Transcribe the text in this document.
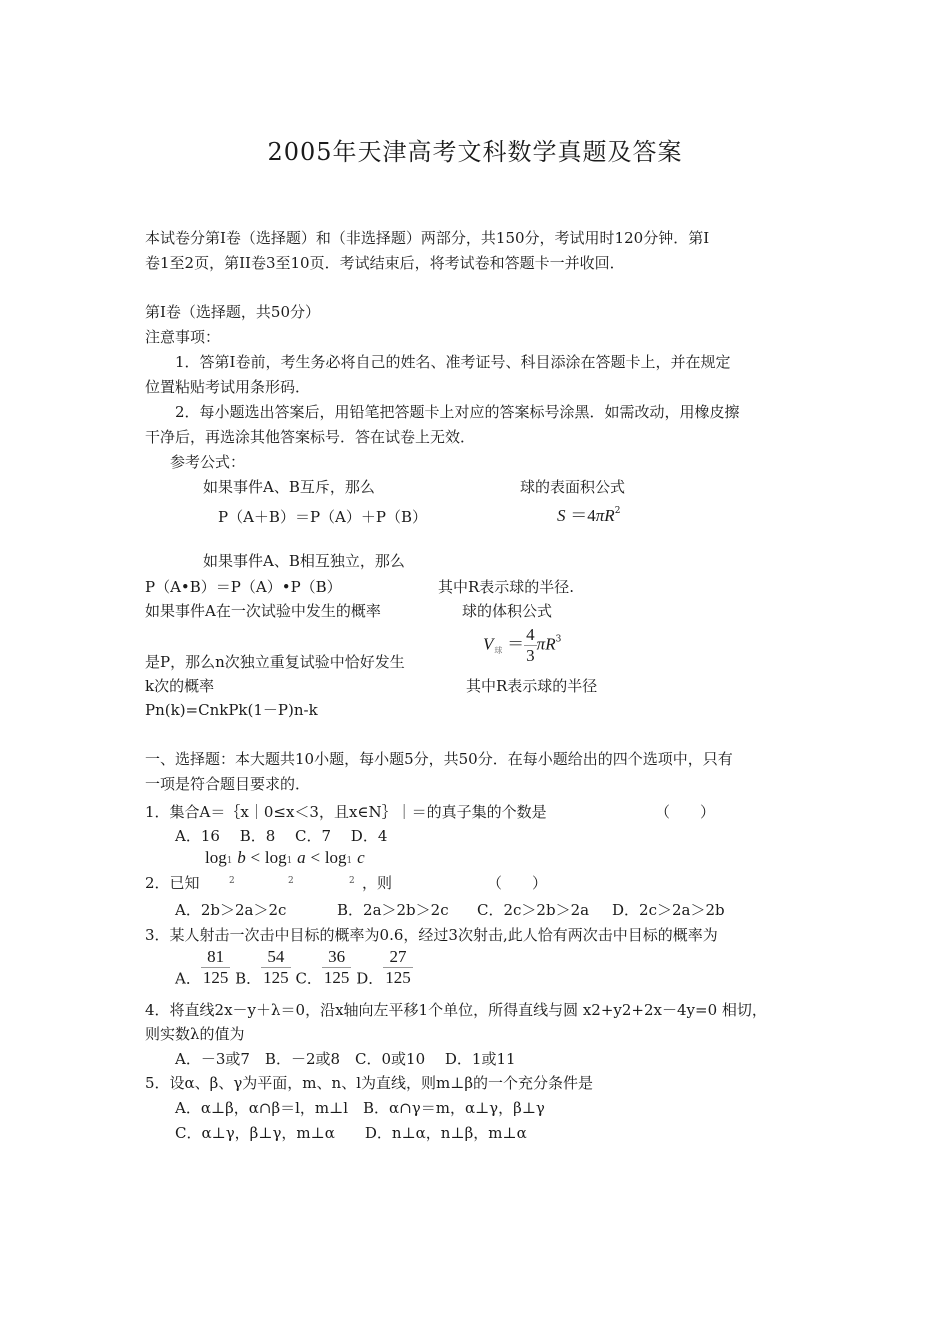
2005年天津高考文科数学真题及答案
本试卷分第Ⅰ卷（选择题）和（非选择题）两部分，共150分，考试用时120分钟．第Ⅰ
卷1至2页，第II卷3至10页．考试结束后，将考试卷和答题卡一并收回．
第Ⅰ卷（选择题，共50分）
注意事项：
1．答第Ⅰ卷前，考生务必将自己的姓名、准考证号、科目添涂在答题卡上，并在规定
位置粘贴考试用条形码．
2．每小题选出答案后，用铅笔把答题卡上对应的答案标号涂黑．如需改动，用橡皮擦
干净后，再选涂其他答案标号．答在试卷上无效．
参考公式：
如果事件A、B互斥，那么
P（A＋B）＝P（A）＋P（B）
球的表面积公式
$S =4\pi R^2$
如果事件A、B相互独立，那么
P（A•B）＝P（A）•P（B）	其中R表示球的半径.
如果事件A在一次试验中发生的概率	球的体积公式
$V_球 = \frac{4}{3} \pi R^3$
是P，那么n次独立重复试验中恰好发生
k次的概率	其中R表示球的半径
Pn(k)=CnkPk(1－P)n-k
一、选择题：本大题共10小题，每小题5分，共50分．在每小题给出的四个选项中，只有
一项是符合题目要求的．
1．集合A＝｛x｜0≤x＜3，且x∈N｝｜＝的真子集的个数是	（　　）
A．16　 B．8　 C．7　 D．4
log1 b < log1 a < log1 c
2．已知	2	2	2 ，则	（　　）
A．2b＞2a＞2c	B．2a＞2b＞2c C．2c＞2b＞2a D．2c＞2a＞2b
3．某人射击一次击中目标的概率为0.6，经过3次射击,此人恰有两次击中目标的概率为
A． $\frac{81}{125}$ B． $\frac{54}{125}$ C． $\frac{36}{125}$ D． $\frac{27}{125}$
4．将直线2x－y＋λ＝0，沿x轴向左平移1个单位，所得直线与圆 x2+y2+2x－4y=0 相切，
则实数λ的值为
A．－3或7　B．－2或8　C．0或10　 D．1或11
5．设α、β、γ为平面，m、n、l为直线，则m⊥β的一个充分条件是
A．α⊥β，α∩β＝l，m⊥l　B．α∩γ＝m，α⊥γ，β⊥γ
C．α⊥γ，β⊥γ，m⊥α　　D．n⊥α，n⊥β，m⊥α
